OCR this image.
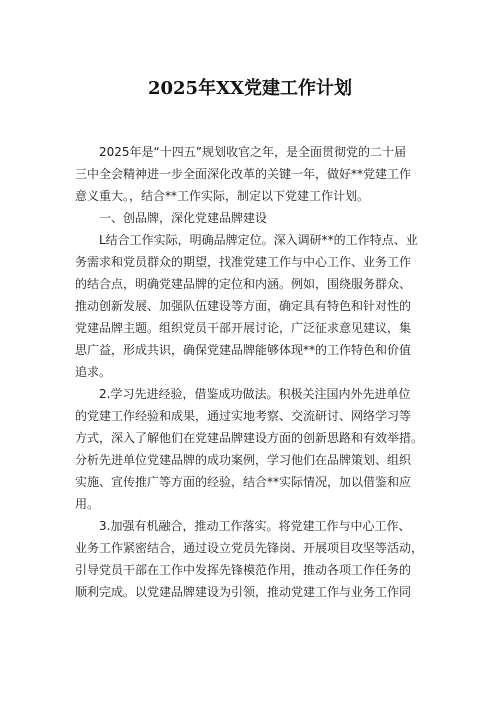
2025年XX党建工作计划
2025年是“十四五”规划收官之年，是全面贯彻党的二十届
三中全会精神进一步全面深化改革的关键一年，做好**党建工作
意义重大。，结合**工作实际，制定以下党建工作计划。
一、创品牌，深化党建品牌建设
L结合工作实际，明确品牌定位。深入调研**的工作特点、业
务需求和党员群众的期望，找准党建工作与中心工作、业务工作
的结合点，明确党建品牌的定位和内涵。例如，围绕服务群众、
推动创新发展、加强队伍建设等方面，确定具有特色和针对性的
党建品牌主题。组织党员干部开展讨论，广泛征求意见建议，集
思广益，形成共识，确保党建品牌能够体现**的工作特色和价值
追求。
2.学习先进经验，借鉴成功做法。积极关注国内外先进单位
的党建工作经验和成果，通过实地考察、交流研讨、网络学习等
方式，深入了解他们在党建品牌建设方面的创新思路和有效举措。
分析先进单位党建品牌的成功案例，学习他们在品牌策划、组织
实施、宣传推广等方面的经验，结合**实际情况，加以借鉴和应
用。
3.加强有机融合，推动工作落实。将党建工作与中心工作、
业务工作紧密结合，通过设立党员先锋岗、开展项目攻坚等活动，
引导党员干部在工作中发挥先锋模范作用，推动各项工作任务的
顺利完成。以党建品牌建设为引领，推动党建工作与业务工作同
